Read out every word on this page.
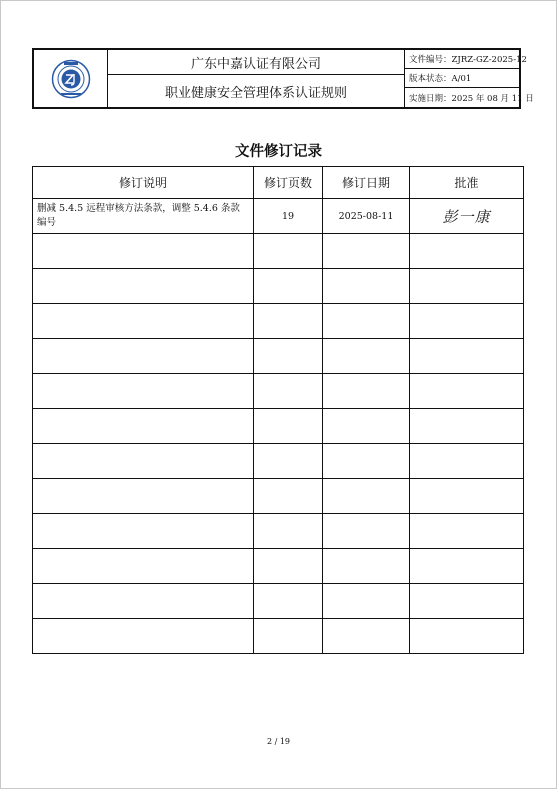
广东中嘉认证有限公司
职业健康安全管理体系认证规则
文件编号：ZJRZ-GZ-2025-12
版本状态：A/01
实施日期：2025 年 08 月 11 日
文件修订记录
修订说明	修订页数	修订日期	批准
删减 5.4.5 远程审核方法条款，调整 5.4.6 条款编号	19	2025-08-11	彭一康

2 / 19
